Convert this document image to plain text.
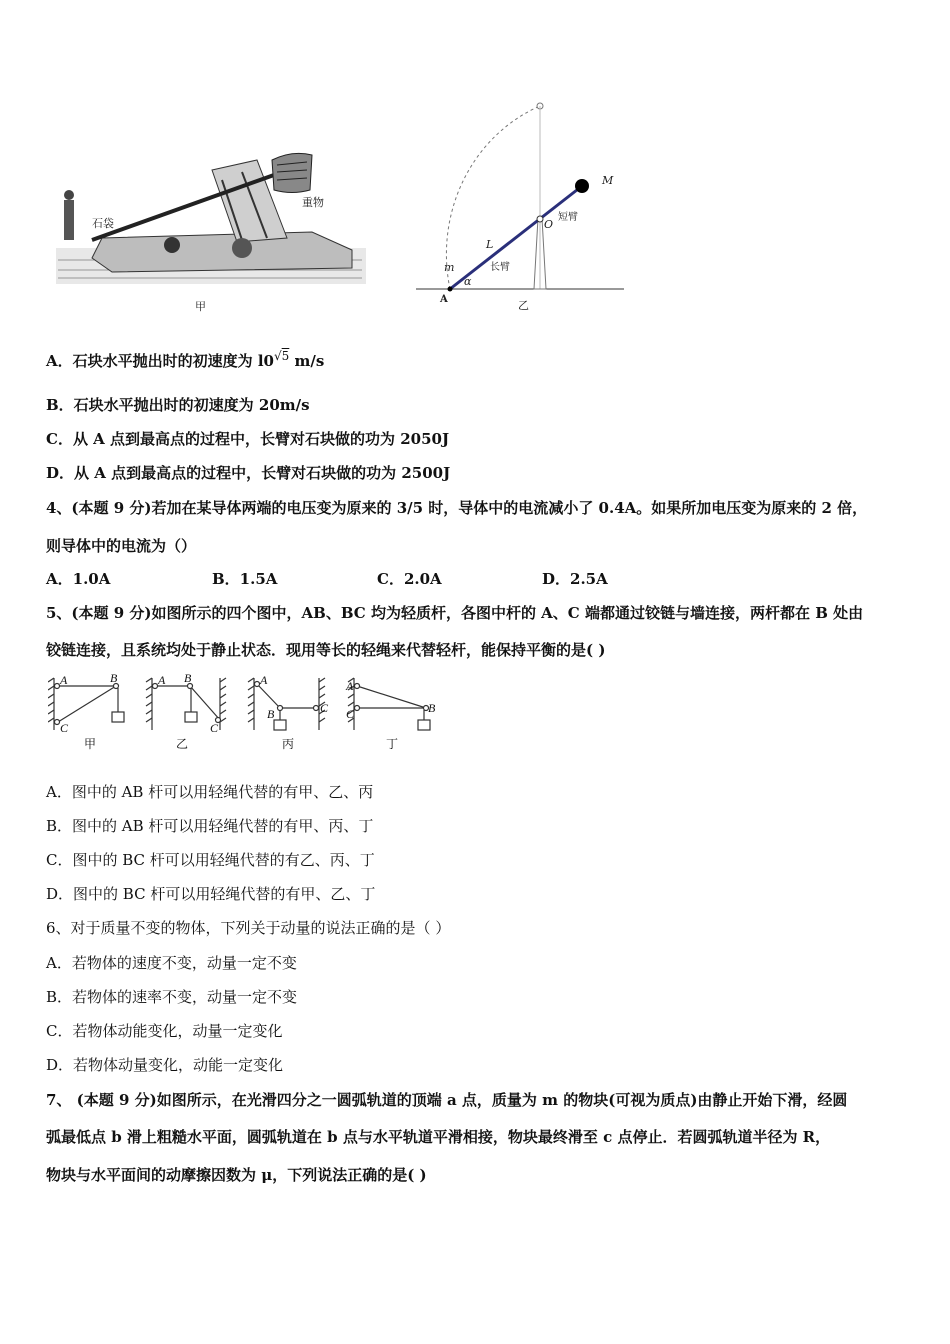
石袋
重物
甲
M
O
短臂
L
长臂
m
α
A	乙
A．石块水平抛出时的初速度为 $l0^{√5}$ m/s
B．石块水平抛出时的初速度为 20m/s
C．从 A 点到最高点的过程中，长臂对石块做的功为 2050J
D．从 A 点到最高点的过程中，长臂对石块做的功为 2500J
4、(本题 9 分)若加在某导体两端的电压变为原来的 3/5 时，导体中的电流减小了 0.4A。如果所加电压变为原来的 2 倍，
则导体中的电流为（）
A．1.0A	B．1.5A	C．2.0A	D．2.5A
5、(本题 9 分)如图所示的四个图中，AB、BC 均为轻质杆，各图中杆的 A、C 端都通过铰链与墙连接，两杆都在 B 处由
铰链连接，且系统均处于静止状态．现用等长的轻绳来代替轻杆，能保持平衡的是( )
A	B
C
A B
C
A
B	C
A
C	B
甲	乙	丙	丁
A．图中的 AB 杆可以用轻绳代替的有甲、乙、丙
B．图中的 AB 杆可以用轻绳代替的有甲、丙、丁
C．图中的 BC 杆可以用轻绳代替的有乙、丙、丁
D．图中的 BC 杆可以用轻绳代替的有甲、乙、丁
6、对于质量不变的物体，下列关于动量的说法正确的是（ ）
A．若物体的速度不变，动量一定不变
B．若物体的速率不变，动量一定不变
C．若物体动能变化，动量一定变化
D．若物体动量变化，动能一定变化
7、 (本题 9 分)如图所示，在光滑四分之一圆弧轨道的顶端 a 点，质量为 m 的物块(可视为质点)由静止开始下滑，经圆
弧最低点 b 滑上粗糙水平面，圆弧轨道在 b 点与水平轨道平滑相接，物块最终滑至 c 点停止．若圆弧轨道半径为 R，
物块与水平面间的动摩擦因数为 μ，下列说法正确的是( )
